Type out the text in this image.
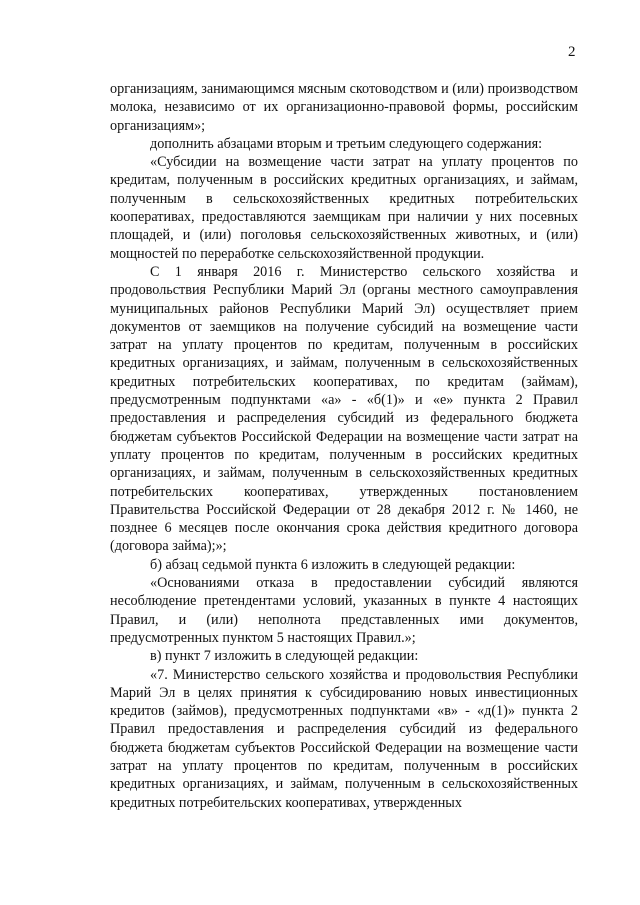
2

организациям, занимающимся мясным скотоводством и (или) производством молока, независимо от их организационно-правовой формы, российским организациям»;

дополнить абзацами вторым и третьим следующего содержания:

«Субсидии на возмещение части затрат на уплату процентов по кредитам, полученным в российских кредитных организациях, и займам, полученным в сельскохозяйственных кредитных потребительских кооперативах, предоставляются заемщикам при наличии у них посевных площадей, и (или) поголовья сельскохозяйственных животных, и (или) мощностей по переработке сельскохозяйственной продукции.

С 1 января 2016 г. Министерство сельского хозяйства и продовольствия Республики Марий Эл (органы местного самоуправления муниципальных районов Республики Марий Эл) осуществляет прием документов от заемщиков на получение субсидий на возмещение части затрат на уплату процентов по кредитам, полученным в российских кредитных организациях, и займам, полученным в сельскохозяйственных кредитных потребительских кооперативах, по кредитам (займам), предусмотренным подпунктами «а» - «б(1)» и «е» пункта 2 Правил предоставления и распределения субсидий из федерального бюджета бюджетам субъектов Российской Федерации на возмещение части затрат на уплату процентов по кредитам, полученным в российских кредитных организациях, и займам, полученным в сельскохозяйственных кредитных потребительских кооперативах, утвержденных постановлением Правительства Российской Федерации от 28 декабря 2012 г. № 1460, не позднее 6 месяцев после окончания срока действия кредитного договора (договора займа);»;

б) абзац седьмой пункта 6 изложить в следующей редакции:

«Основаниями отказа в предоставлении субсидий являются несоблюдение претендентами условий, указанных в пункте 4 настоящих Правил, и (или) неполнота представленных ими документов, предусмотренных пунктом 5 настоящих Правил.»;

в) пункт 7 изложить в следующей редакции:

«7. Министерство сельского хозяйства и продовольствия Республики Марий Эл в целях принятия к субсидированию новых инвестиционных кредитов (займов), предусмотренных подпунктами «в» - «д(1)» пункта 2 Правил предоставления и распределения субсидий из федерального бюджета бюджетам субъектов Российской Федерации на возмещение части затрат на уплату процентов по кредитам, полученным в российских кредитных организациях, и займам, полученным в сельскохозяйственных кредитных потребительских кооперативах, утвержденных
